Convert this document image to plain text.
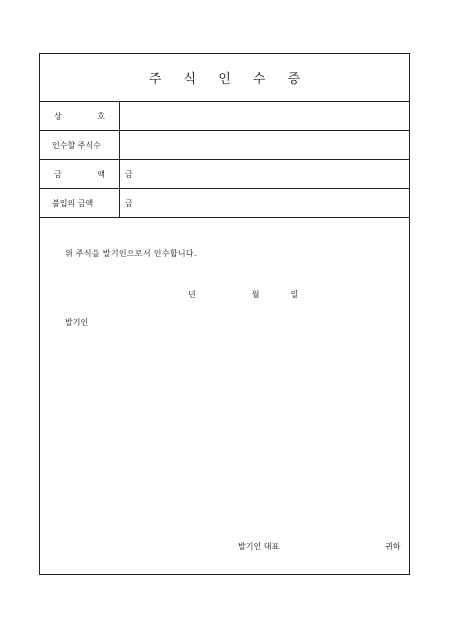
주 식 인 수 증
상 호	

인수할 주식수	

금 액	금

불입의 금액	금
위 주식을 발기인으로서 인수합니다.
년	월	일
발기인
발기인 대표	귀하
